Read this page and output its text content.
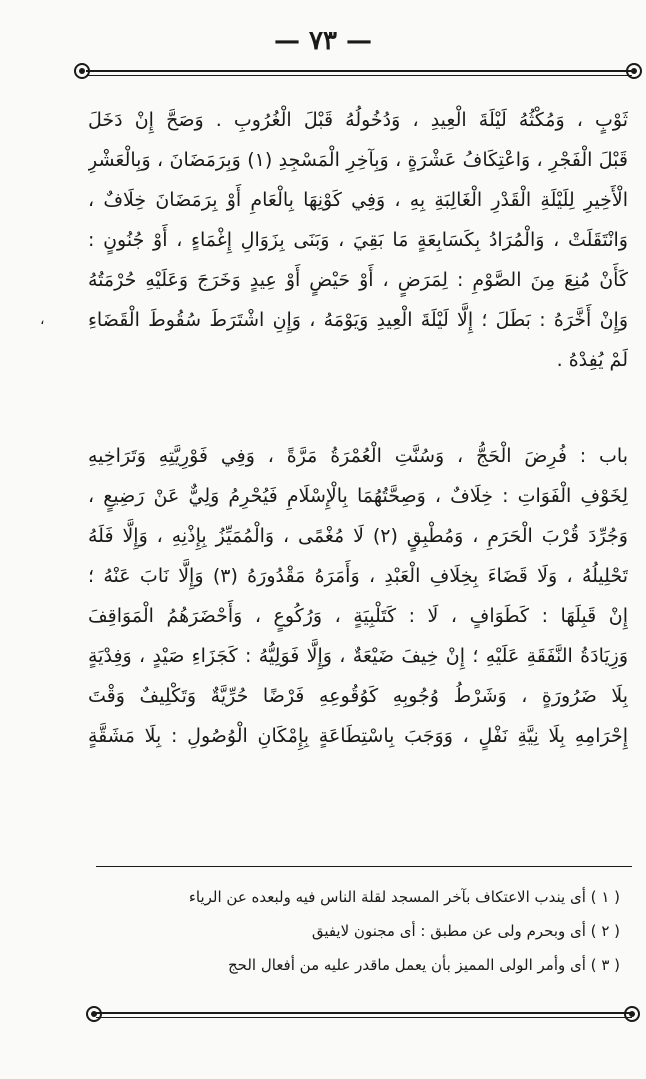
— ٧٣ —
،
ثَوْبٍ ، وَمُكْثُهُ لَيْلَةَ الْعِيدِ ، وَدُخُولُهُ قَبْلَ الْغُرُوبِ . وَصَحَّ إِنْ دَخَلَ
قَبْلَ الْفَجْرِ ، وَاعْتِكَافُ عَشْرَةٍ ، وَبِآخِرِ الْمَسْجِدِ (١) وَبِرَمَضَانَ ، وَبِالْعَشْرِ
الْأَخِيرِ لِلَيْلَةِ الْقَدْرِ الْغَالِبَةِ بِهِ ، وَفِي كَوْنِهَا بِالْعَامِ أَوْ بِرَمَضَانَ خِلَافٌ ،
وَانْتَقَلَتْ ، وَالْمُرَادُ بِكَسَابِعَةٍ مَا بَقِيَ ، وَبَنَى بِزَوَالِ إِغْمَاءٍ ، أَوْ جُنُونٍ :
كَأَنْ مُنِعَ مِنَ الصَّوْمِ : لِمَرَضٍ ، أَوْ حَيْضٍ أَوْ عِيدٍ وَخَرَجَ وَعَلَيْهِ حُرْمَتُهُ
وَإِنْ أَخَّرَهُ : بَطَلَ ؛ إِلَّا لَيْلَةَ الْعِيدِ وَيَوْمَهُ ، وَإِنِ اشْتَرَطَ سُقُوطَ الْقَضَاءِ
لَمْ يُفِدْهُ .
باب : فُرِضَ الْحَجُّ ، وَسُنَّتِ الْعُمْرَةُ مَرَّةً ، وَفِي فَوْرِيَّتِهِ وَتَرَاخِيهِ
لِخَوْفِ الْفَوَاتِ : خِلَافٌ ، وَصِحَّتُهُمَا بِالْإِسْلَامِ فَيُحْرِمُ وَلِيٌّ عَنْ رَضِيعٍ ،
وَجُرِّدَ قُرْبَ الْحَرَمِ ، وَمُطْبِقٍ (٢) لَا مُغْمًى ، وَالْمُمَيِّزُ بِإِذْنِهِ ، وَإِلَّا فَلَهُ
تَحْلِيلُهُ ، وَلَا قَضَاءَ بِخِلَافِ الْعَبْدِ ، وَأَمَرَهُ مَقْدُورَهُ (٣) وَإِلَّا نَابَ عَنْهُ ؛
إِنْ قَبِلَهَا : كَطَوَافٍ ، لَا : كَتَلْبِيَةٍ ، وَرُكُوعٍ ، وَأَحْضَرَهُمُ الْمَوَاقِفَ
وَزِيَادَةُ النَّفَقَةِ عَلَيْهِ ؛ إِنْ خِيفَ ضَيْعَةٌ ، وَإِلَّا فَوَلِيُّهُ : كَجَزَاءِ صَيْدٍ ، وَفِدْيَةٍ
بِلَا ضَرُورَةٍ ، وَشَرْطُ وُجُوبِهِ كَوُقُوعِهِ فَرْضًا حُرِّيَّةٌ وَتَكْلِيفٌ وَقْتَ
إِحْرَامِهِ بِلَا نِيَّةِ نَفْلٍ ، وَوَجَبَ بِاسْتِطَاعَةٍ بِإِمْكَانِ الْوُصُولِ : بِلَا مَشَقَّةٍ
( ١ ) أى يندب الاعتكاف بآخر المسجد لقلة الناس فيه ولبعده عن الرياء
( ٢ ) أى وبحرم ولى عن مطبق : أى مجنون لايفيق
( ٣ ) أى وأمر الولى المميز بأن يعمل ماقدر عليه من أفعال الحج
